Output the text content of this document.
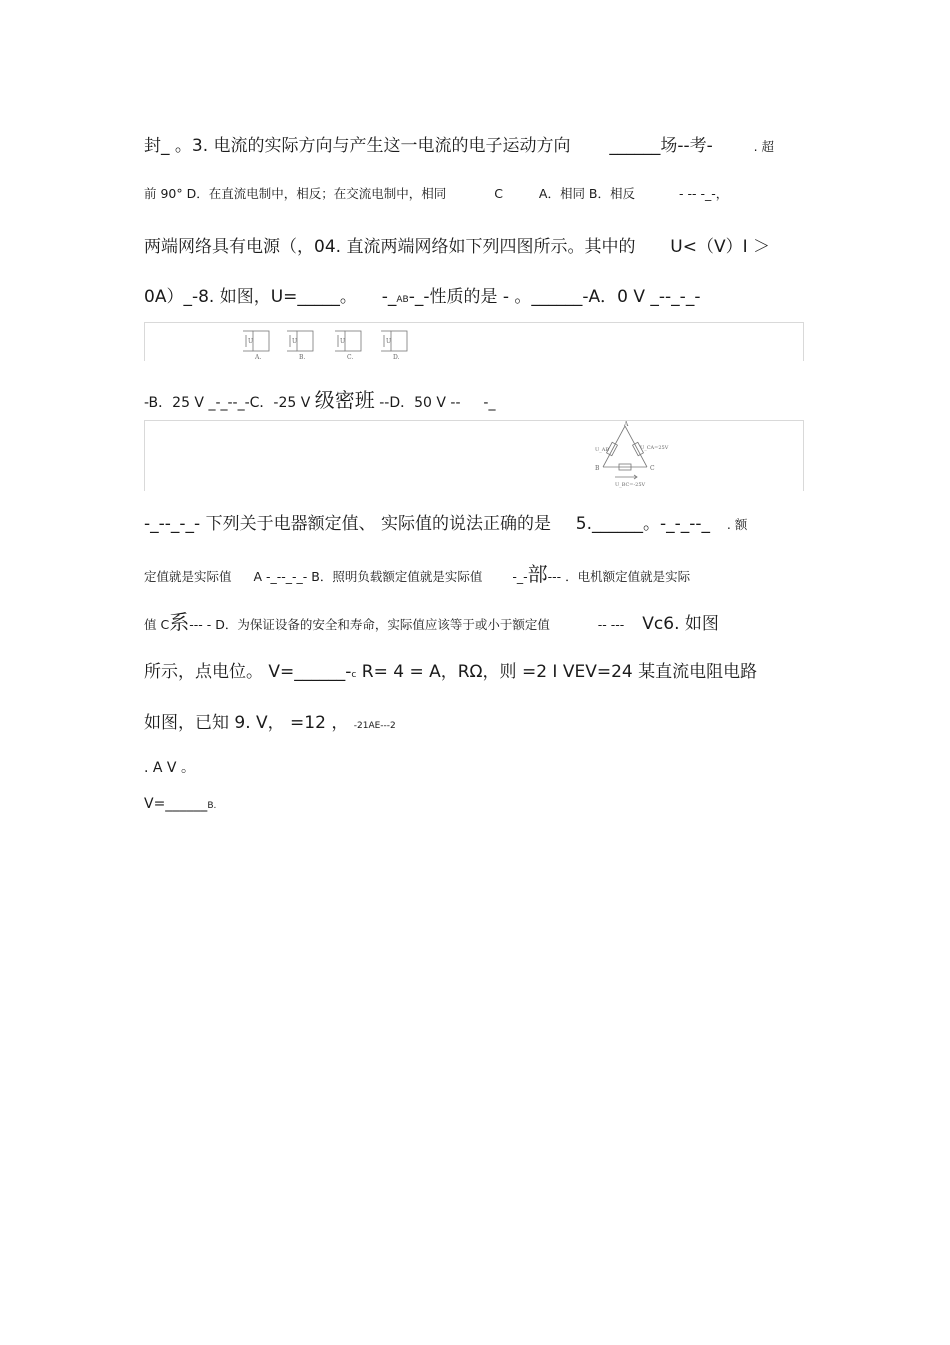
封_ 。3. 电流的实际方向与产生这一电流的电子运动方向 ______场--考-	. 超
前 90° D．在直流电制中，相反；在交流电制中，相同	C	A．相同 B．相反	- -- -_-，
两端网络具有电源（，04. 直流两端网络如下列四图所示。其中的 U<（V）I ＞
0A）_-8. 如图，U=_____。 -_AB-_-性质的是 - 。______-A．0 V _--_-_-
U
A.
U
B.
U
C.
U
D.
-B．25 V _-_--_-C．-25 V 级密班 --D．50 V -- -_
A
B	C
U_AB	U_CA=25V
U_BC=-25V
-_--_-_- 下列关于电器额定值、 实际值的说法正确的是 5.______。-_-_--_ . 额
定值就是实际值 A -_--_-_- B．照明负载额定值就是实际值 -_-部--- ．电机额定值就是实际
值 C系--- - D．为保证设备的安全和寿命，实际值应该等于或小于额定值	-- --- Vc6. 如图
所示，点电位。 V=______-c R= 4 = A，RΩ，则 =2 I VEV=24 某直流电阻电路
如图，已知 9. V， =12 ， -21AE---2
. A V 。
V=______B.
